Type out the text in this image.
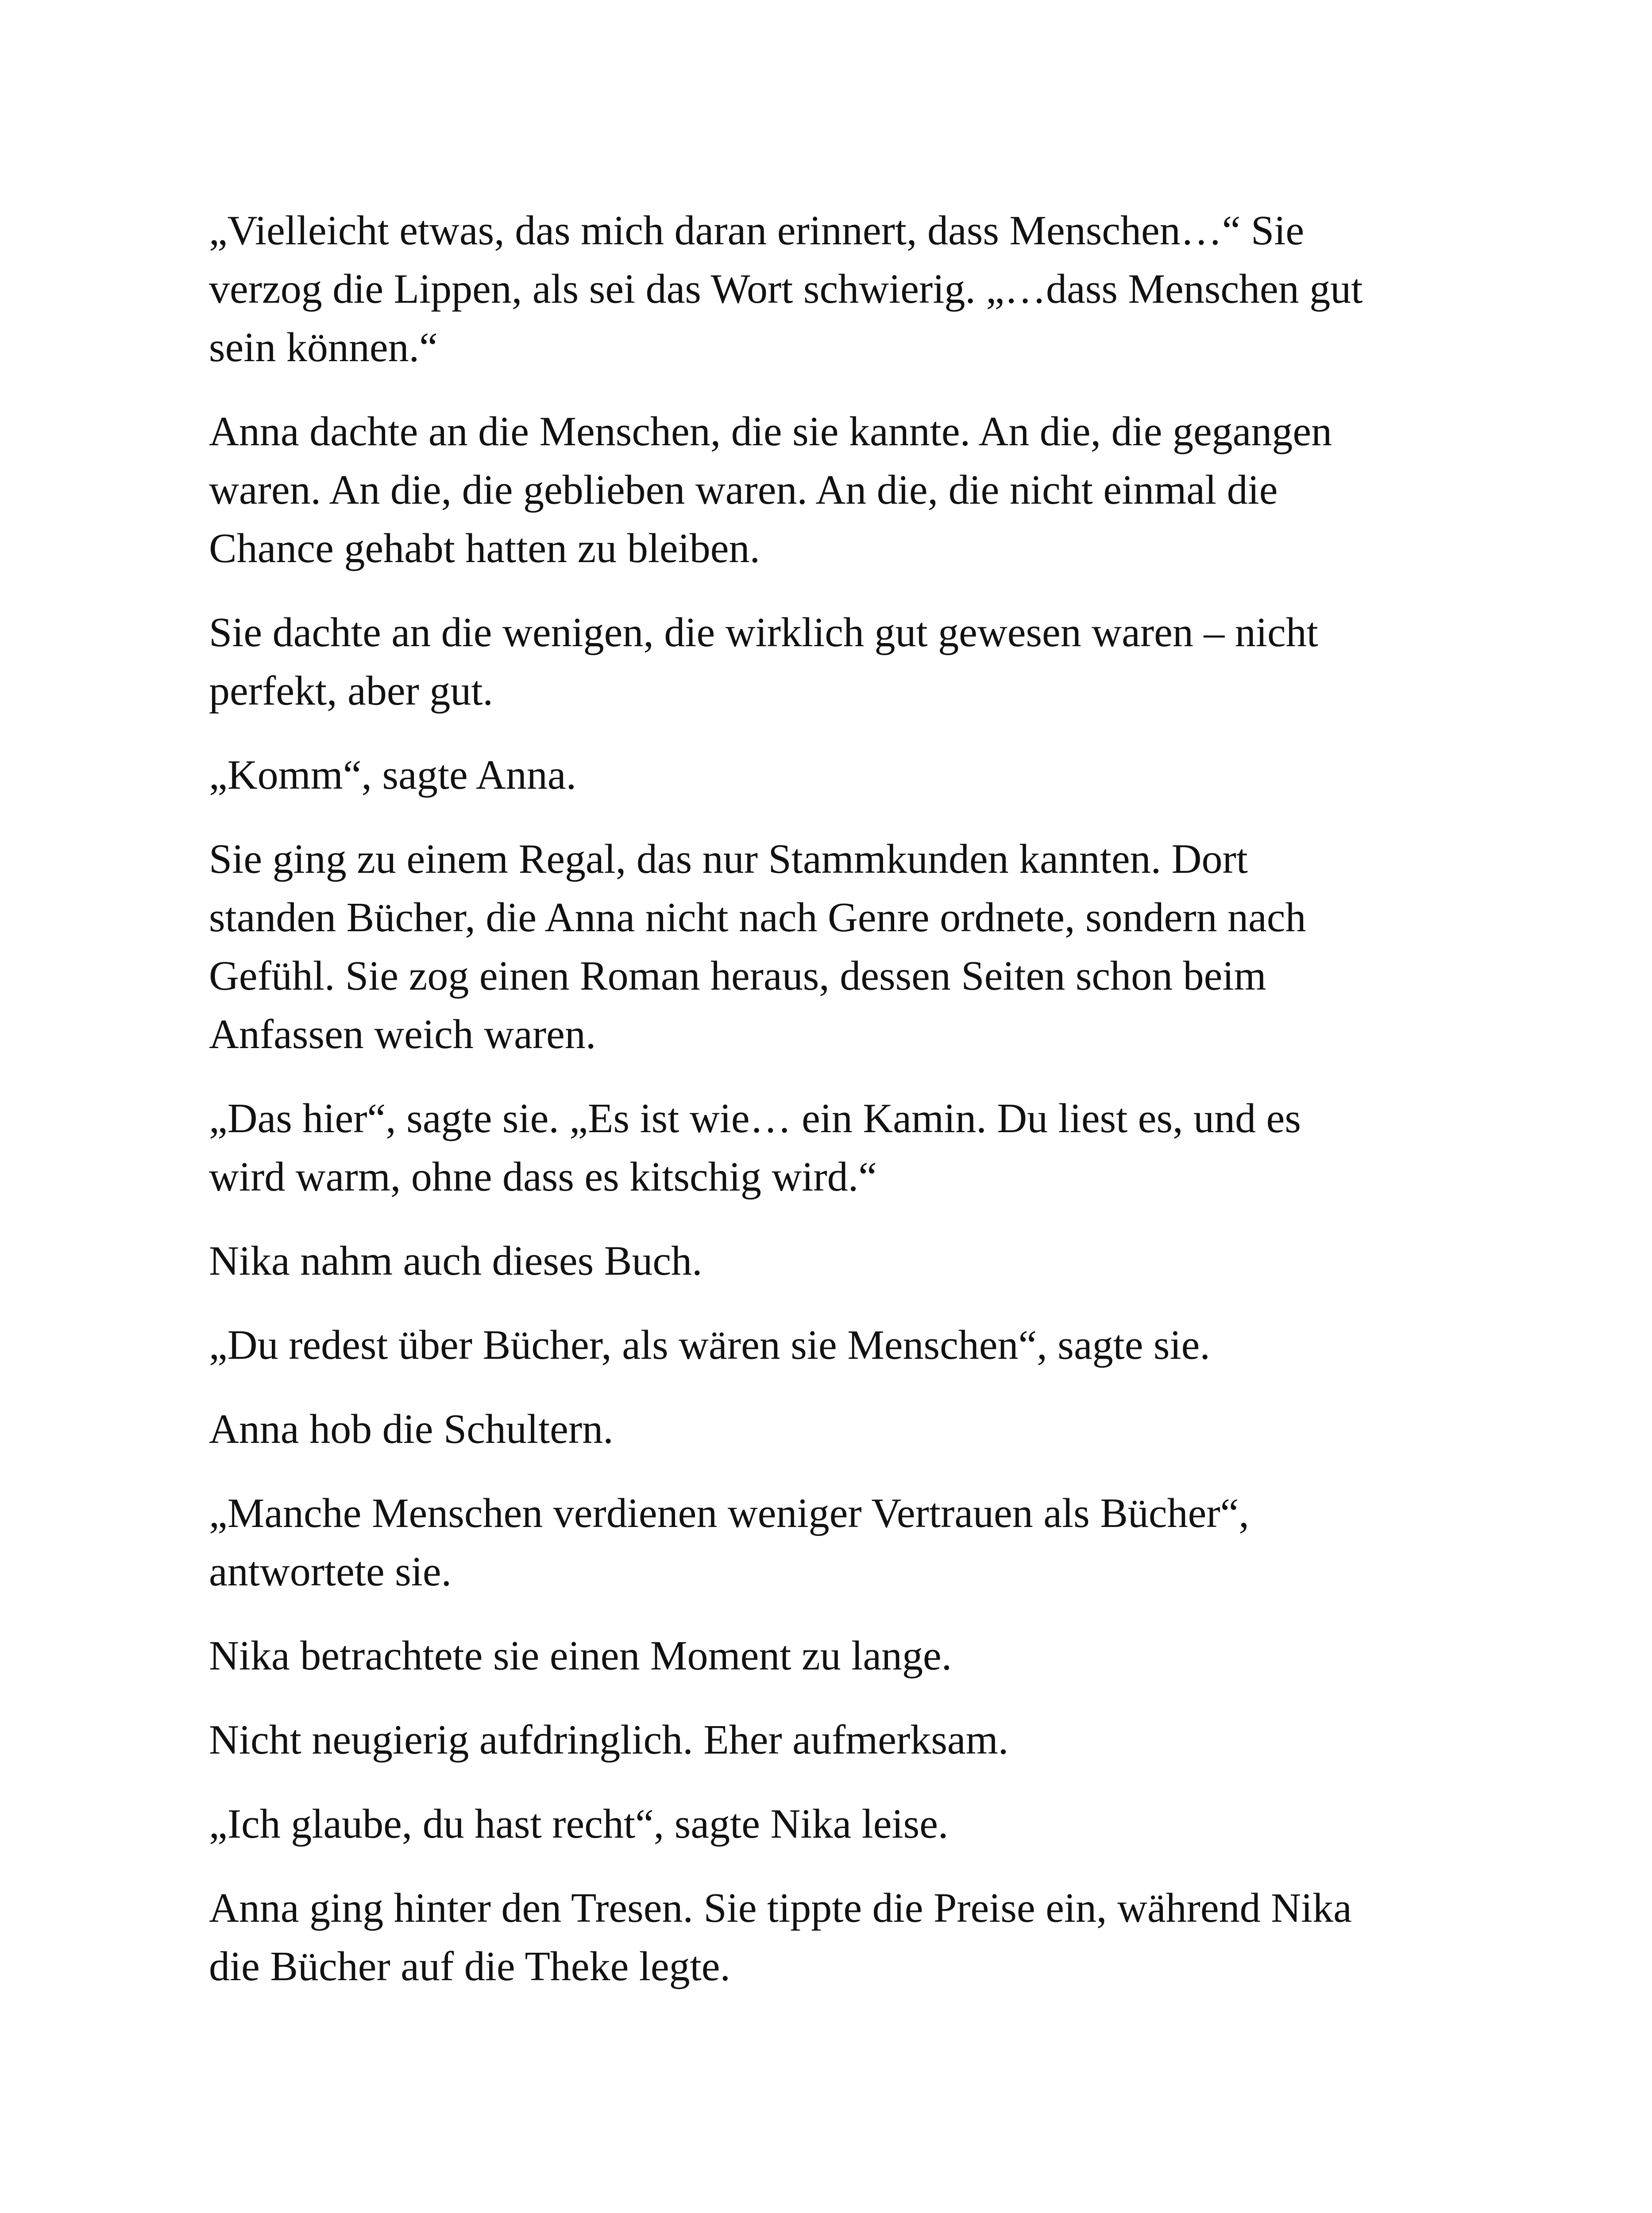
„Vielleicht etwas, das mich daran erinnert, dass Menschen…“ Sie
verzog die Lippen, als sei das Wort schwierig. „…dass Menschen gut
sein können.“

Anna dachte an die Menschen, die sie kannte. An die, die gegangen
waren. An die, die geblieben waren. An die, die nicht einmal die
Chance gehabt hatten zu bleiben.

Sie dachte an die wenigen, die wirklich gut gewesen waren – nicht
perfekt, aber gut.

„Komm“, sagte Anna.

Sie ging zu einem Regal, das nur Stammkunden kannten. Dort
standen Bücher, die Anna nicht nach Genre ordnete, sondern nach
Gefühl. Sie zog einen Roman heraus, dessen Seiten schon beim
Anfassen weich waren.

„Das hier“, sagte sie. „Es ist wie… ein Kamin. Du liest es, und es
wird warm, ohne dass es kitschig wird.“

Nika nahm auch dieses Buch.

„Du redest über Bücher, als wären sie Menschen“, sagte sie.

Anna hob die Schultern.

„Manche Menschen verdienen weniger Vertrauen als Bücher“,
antwortete sie.

Nika betrachtete sie einen Moment zu lange.

Nicht neugierig aufdringlich. Eher aufmerksam.

„Ich glaube, du hast recht“, sagte Nika leise.

Anna ging hinter den Tresen. Sie tippte die Preise ein, während Nika
die Bücher auf die Theke legte.
